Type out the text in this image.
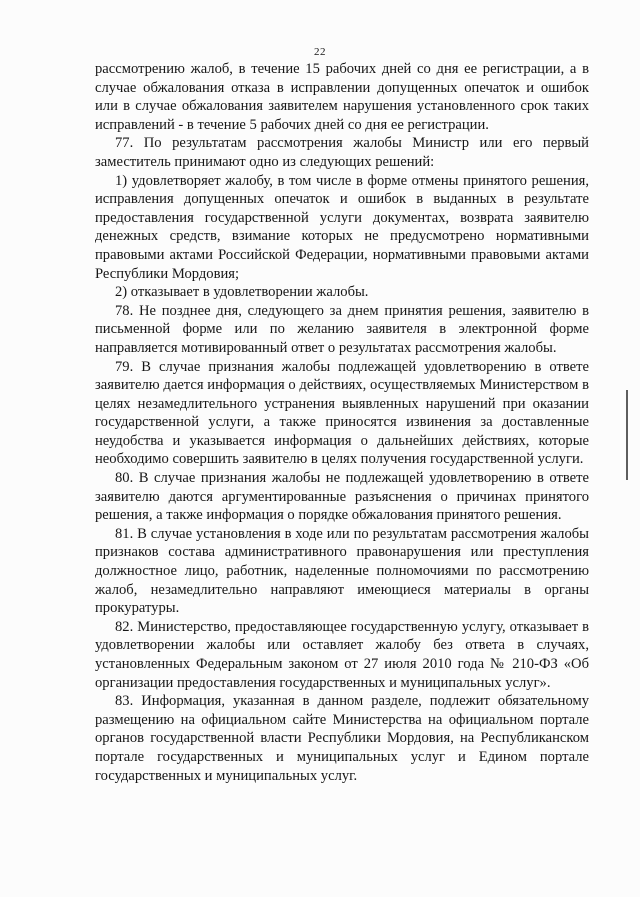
22

рассмотрению жалоб, в течение 15 рабочих дней со дня ее регистрации, а в случае обжалования отказа в исправлении допущенных опечаток и ошибок или в случае обжалования заявителем нарушения установленного срок таких исправлений - в течение 5 рабочих дней со дня ее регистрации.

77. По результатам рассмотрения жалобы Министр или его первый заместитель принимают одно из следующих решений:

1) удовлетворяет жалобу, в том числе в форме отмены принятого решения, исправления допущенных опечаток и ошибок в выданных в результате предоставления государственной услуги документах, возврата заявителю денежных средств, взимание которых не предусмотрено нормативными правовыми актами Российской Федерации, нормативными правовыми актами Республики Мордовия;

2) отказывает в удовлетворении жалобы.

78. Не позднее дня, следующего за днем принятия решения, заявителю в письменной форме или по желанию заявителя в электронной форме направляется мотивированный ответ о результатах рассмотрения жалобы.

79. В случае признания жалобы подлежащей удовлетворению в ответе заявителю дается информация о действиях, осуществляемых Министерством в целях незамедлительного устранения выявленных нарушений при оказании государственной услуги, а также приносятся извинения за доставленные неудобства и указывается информация о дальнейших действиях, которые необходимо совершить заявителю в целях получения государственной услуги.

80. В случае признания жалобы не подлежащей удовлетворению в ответе заявителю даются аргументированные разъяснения о причинах принятого решения, а также информация о порядке обжалования принятого решения.

81. В случае установления в ходе или по результатам рассмотрения жалобы признаков состава административного правонарушения или преступления должностное лицо, работник, наделенные полномочиями по рассмотрению жалоб, незамедлительно направляют имеющиеся материалы в органы прокуратуры.

82. Министерство, предоставляющее государственную услугу, отказывает в удовлетворении жалобы или оставляет жалобу без ответа в случаях, установленных Федеральным законом от 27 июля 2010 года № 210-ФЗ «Об организации предоставления государственных и муниципальных услуг».

83. Информация, указанная в данном разделе, подлежит обязательному размещению на официальном сайте Министерства на официальном портале органов государственной власти Республики Мордовия, на Республиканском портале государственных и муниципальных услуг и Едином портале государственных и муниципальных услуг.
